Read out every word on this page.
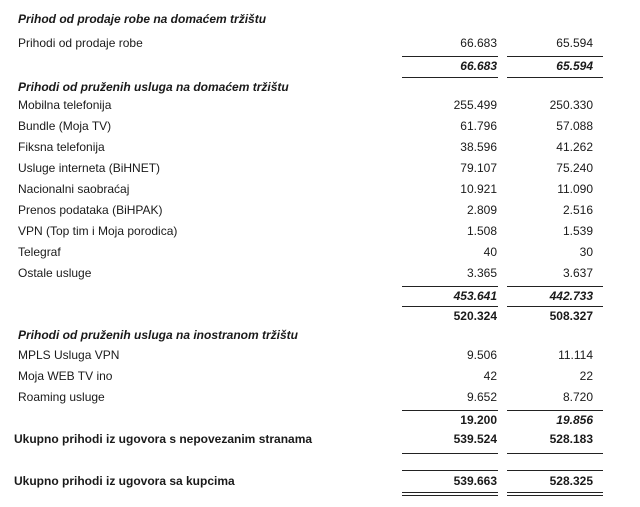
Prihod od prodaje robe na domaćem tržištu
Prihodi od prodaje robe	66.683	65.594
66.683	65.594
Prihodi od pruženih usluga na domaćem tržištu
Mobilna telefonija	255.499	250.330
Bundle (Moja TV)	61.796	57.088
Fiksna telefonija	38.596	41.262
Usluge interneta (BiHNET)	79.107	75.240
Nacionalni saobraćaj	10.921	11.090
Prenos podataka (BiHPAK)	2.809	2.516
VPN (Top tim i Moja porodica)	1.508	1.539
Telegraf	40	30
Ostale usluge	3.365	3.637
453.641	442.733
520.324	508.327
Prihodi od pruženih usluga na inostranom tržištu
MPLS Usluga VPN	9.506	11.114
Moja WEB TV ino	42	22
Roaming usluge	9.652	8.720
19.200	19.856
Ukupno prihodi iz ugovora s nepovezanim stranama	539.524	528.183
Ukupno prihodi iz ugovora sa kupcima	539.663	528.325
